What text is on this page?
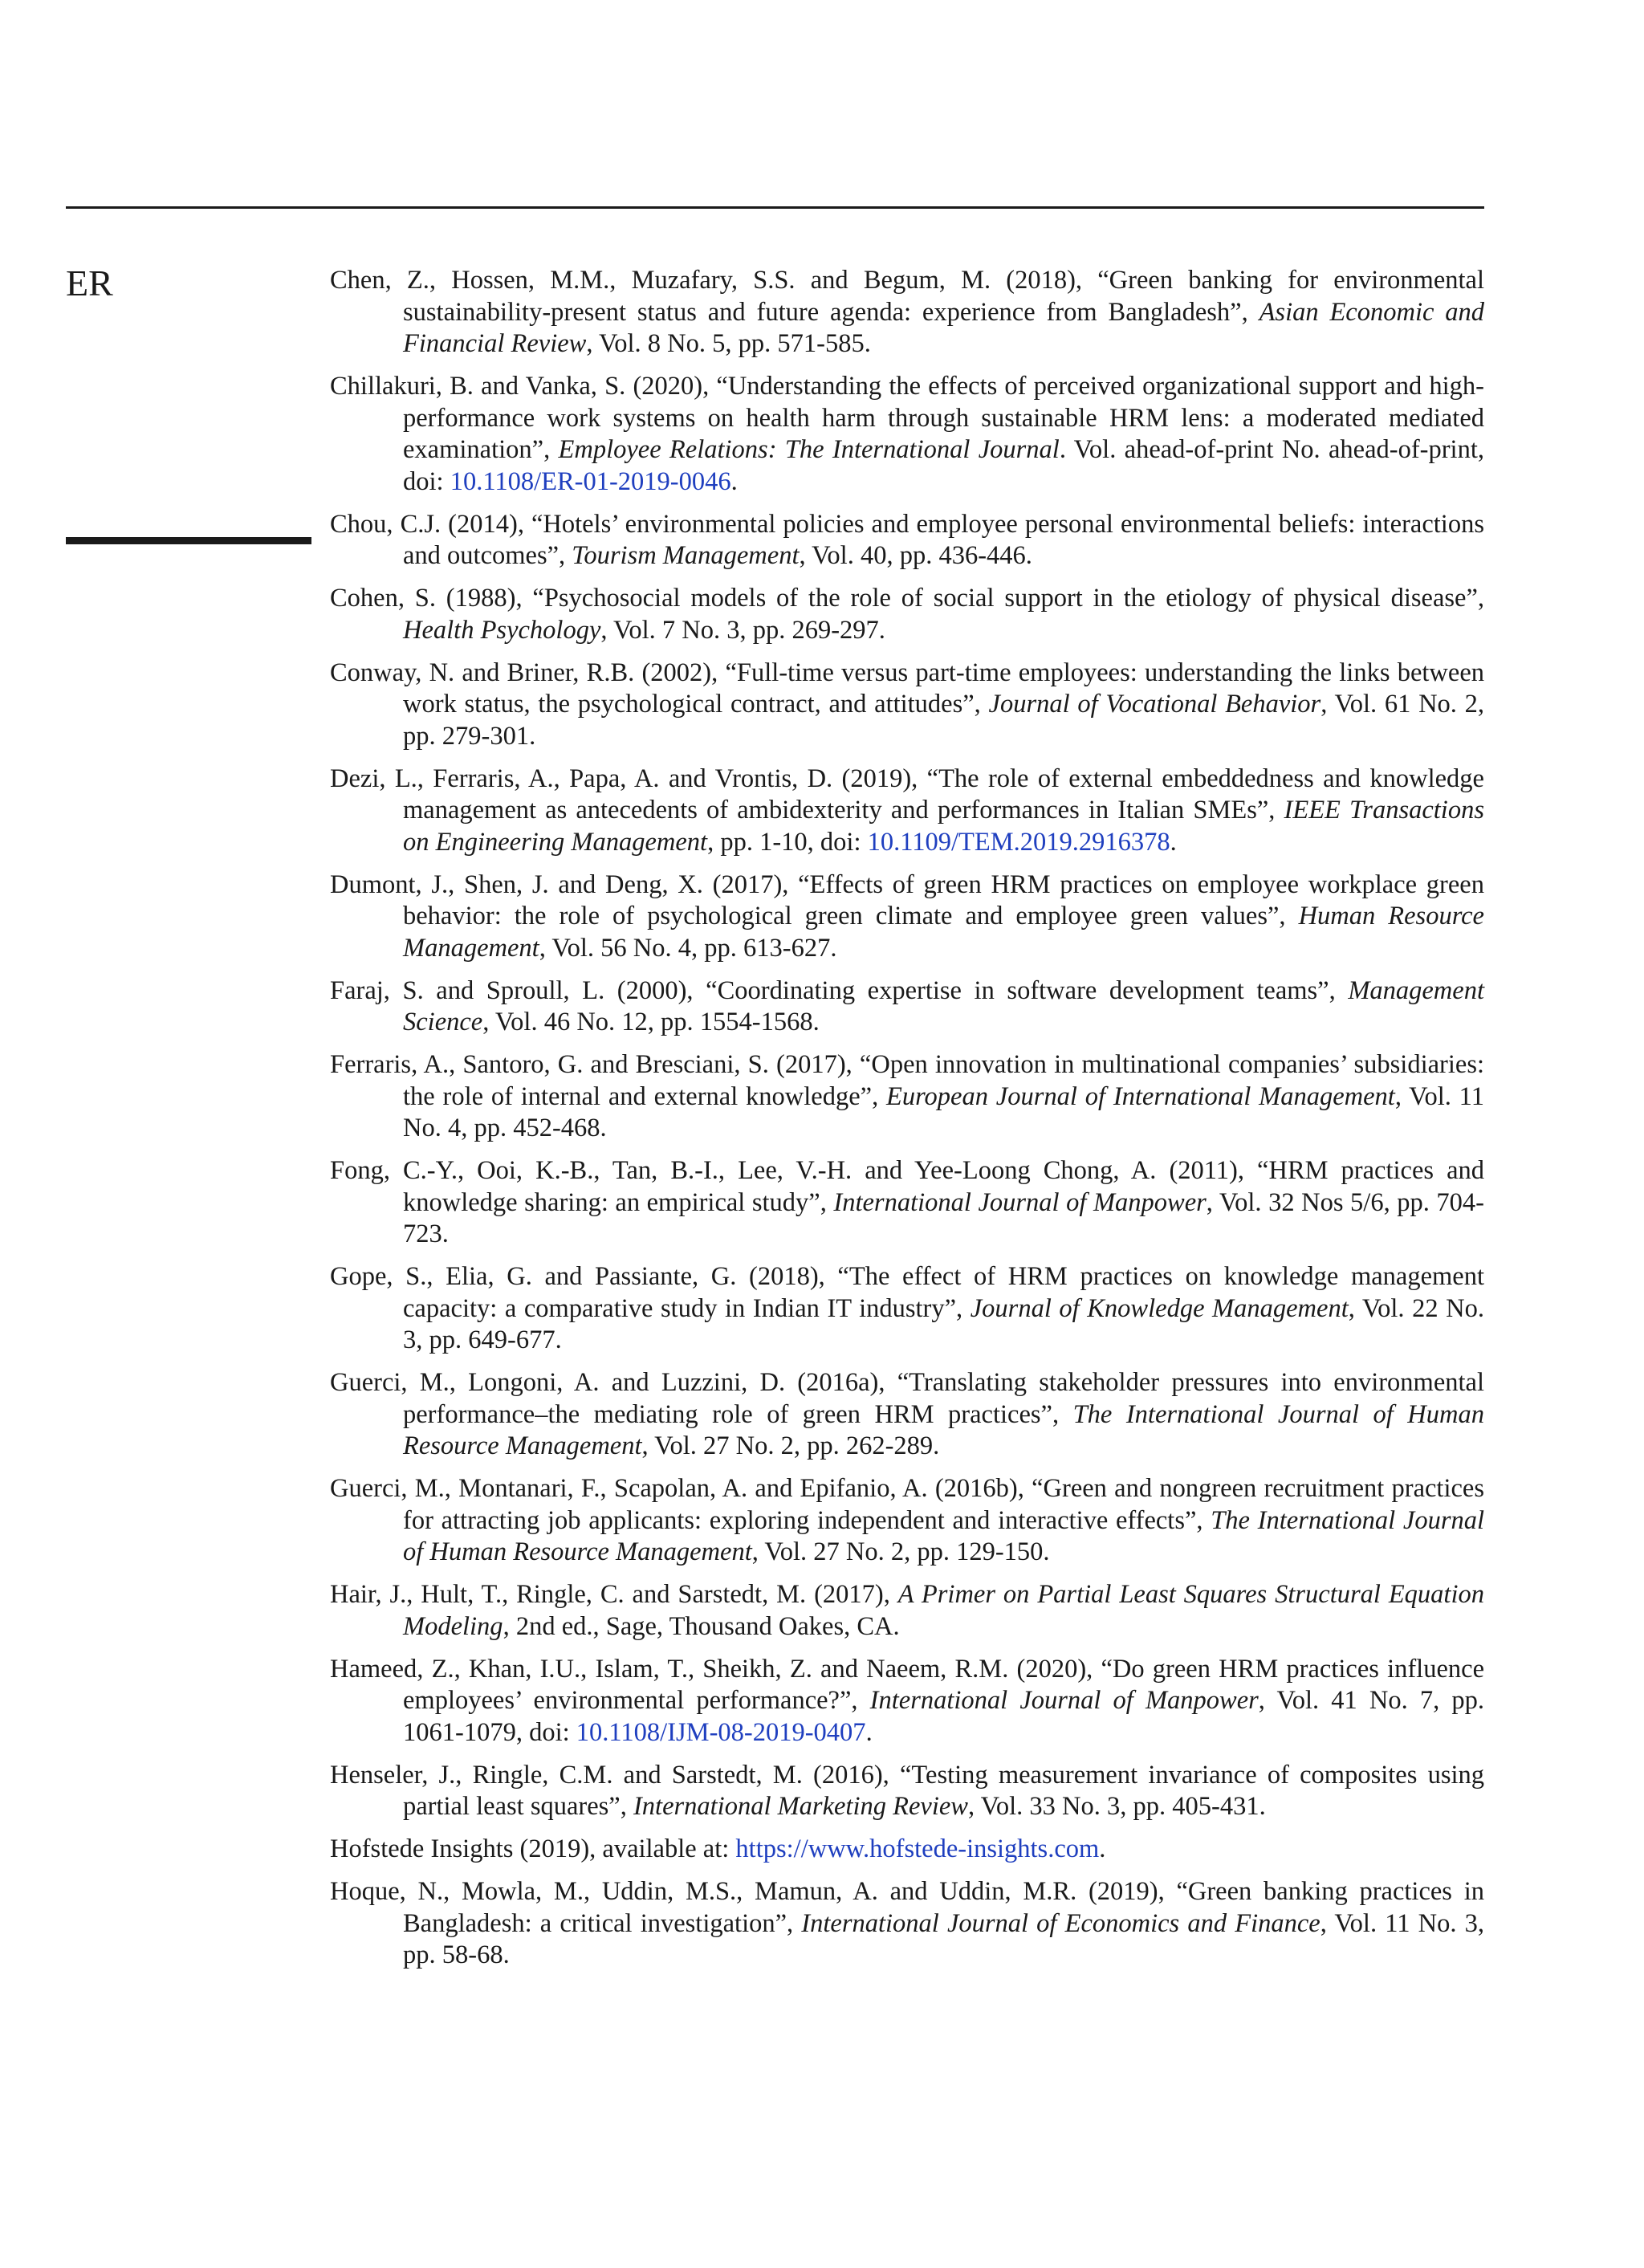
ER	Chen, Z., Hossen, M.M., Muzafary, S.S. and Begum, M. (2018), “Green banking for environmental sustainability-present status and future agenda: experience from Bangladesh”, Asian Economic and Financial Review, Vol. 8 No. 5, pp. 571-585.
Chillakuri, B. and Vanka, S. (2020), “Understanding the effects of perceived organizational support and high-performance work systems on health harm through sustainable HRM lens: a moderated mediated examination”, Employee Relations: The International Journal. Vol. ahead-of-print No. ahead-of-print, doi: 10.1108/ER-01-2019-0046.
Chou, C.J. (2014), “Hotels’ environmental policies and employee personal environmental beliefs: interactions and outcomes”, Tourism Management, Vol. 40, pp. 436-446.
Cohen, S. (1988), “Psychosocial models of the role of social support in the etiology of physical disease”, Health Psychology, Vol. 7 No. 3, pp. 269-297.
Conway, N. and Briner, R.B. (2002), “Full-time versus part-time employees: understanding the links between work status, the psychological contract, and attitudes”, Journal of Vocational Behavior, Vol. 61 No. 2, pp. 279-301.
Dezi, L., Ferraris, A., Papa, A. and Vrontis, D. (2019), “The role of external embeddedness and knowledge management as antecedents of ambidexterity and performances in Italian SMEs”, IEEE Transactions on Engineering Management, pp. 1-10, doi: 10.1109/TEM.2019.2916378.
Dumont, J., Shen, J. and Deng, X. (2017), “Effects of green HRM practices on employee workplace green behavior: the role of psychological green climate and employee green values”, Human Resource Management, Vol. 56 No. 4, pp. 613-627.
Faraj, S. and Sproull, L. (2000), “Coordinating expertise in software development teams”, Management Science, Vol. 46 No. 12, pp. 1554-1568.
Ferraris, A., Santoro, G. and Bresciani, S. (2017), “Open innovation in multinational companies’ subsidiaries: the role of internal and external knowledge”, European Journal of International Management, Vol. 11 No. 4, pp. 452-468.
Fong, C.-Y., Ooi, K.-B., Tan, B.-I., Lee, V.-H. and Yee-Loong Chong, A. (2011), “HRM practices and knowledge sharing: an empirical study”, International Journal of Manpower, Vol. 32 Nos 5/6, pp. 704-723.
Gope, S., Elia, G. and Passiante, G. (2018), “The effect of HRM practices on knowledge management capacity: a comparative study in Indian IT industry”, Journal of Knowledge Management, Vol. 22 No. 3, pp. 649-677.
Guerci, M., Longoni, A. and Luzzini, D. (2016a), “Translating stakeholder pressures into environmental performance–the mediating role of green HRM practices”, The International Journal of Human Resource Management, Vol. 27 No. 2, pp. 262-289.
Guerci, M., Montanari, F., Scapolan, A. and Epifanio, A. (2016b), “Green and nongreen recruitment practices for attracting job applicants: exploring independent and interactive effects”, The International Journal of Human Resource Management, Vol. 27 No. 2, pp. 129-150.
Hair, J., Hult, T., Ringle, C. and Sarstedt, M. (2017), A Primer on Partial Least Squares Structural Equation Modeling, 2nd ed., Sage, Thousand Oakes, CA.
Hameed, Z., Khan, I.U., Islam, T., Sheikh, Z. and Naeem, R.M. (2020), “Do green HRM practices influence employees’ environmental performance?”, International Journal of Manpower, Vol. 41 No. 7, pp. 1061-1079, doi: 10.1108/IJM-08-2019-0407.
Henseler, J., Ringle, C.M. and Sarstedt, M. (2016), “Testing measurement invariance of composites using partial least squares”, International Marketing Review, Vol. 33 No. 3, pp. 405-431.
Hofstede Insights (2019), available at: https://www.hofstede-insights.com.
Hoque, N., Mowla, M., Uddin, M.S., Mamun, A. and Uddin, M.R. (2019), “Green banking practices in Bangladesh: a critical investigation”, International Journal of Economics and Finance, Vol. 11 No. 3, pp. 58-68.
